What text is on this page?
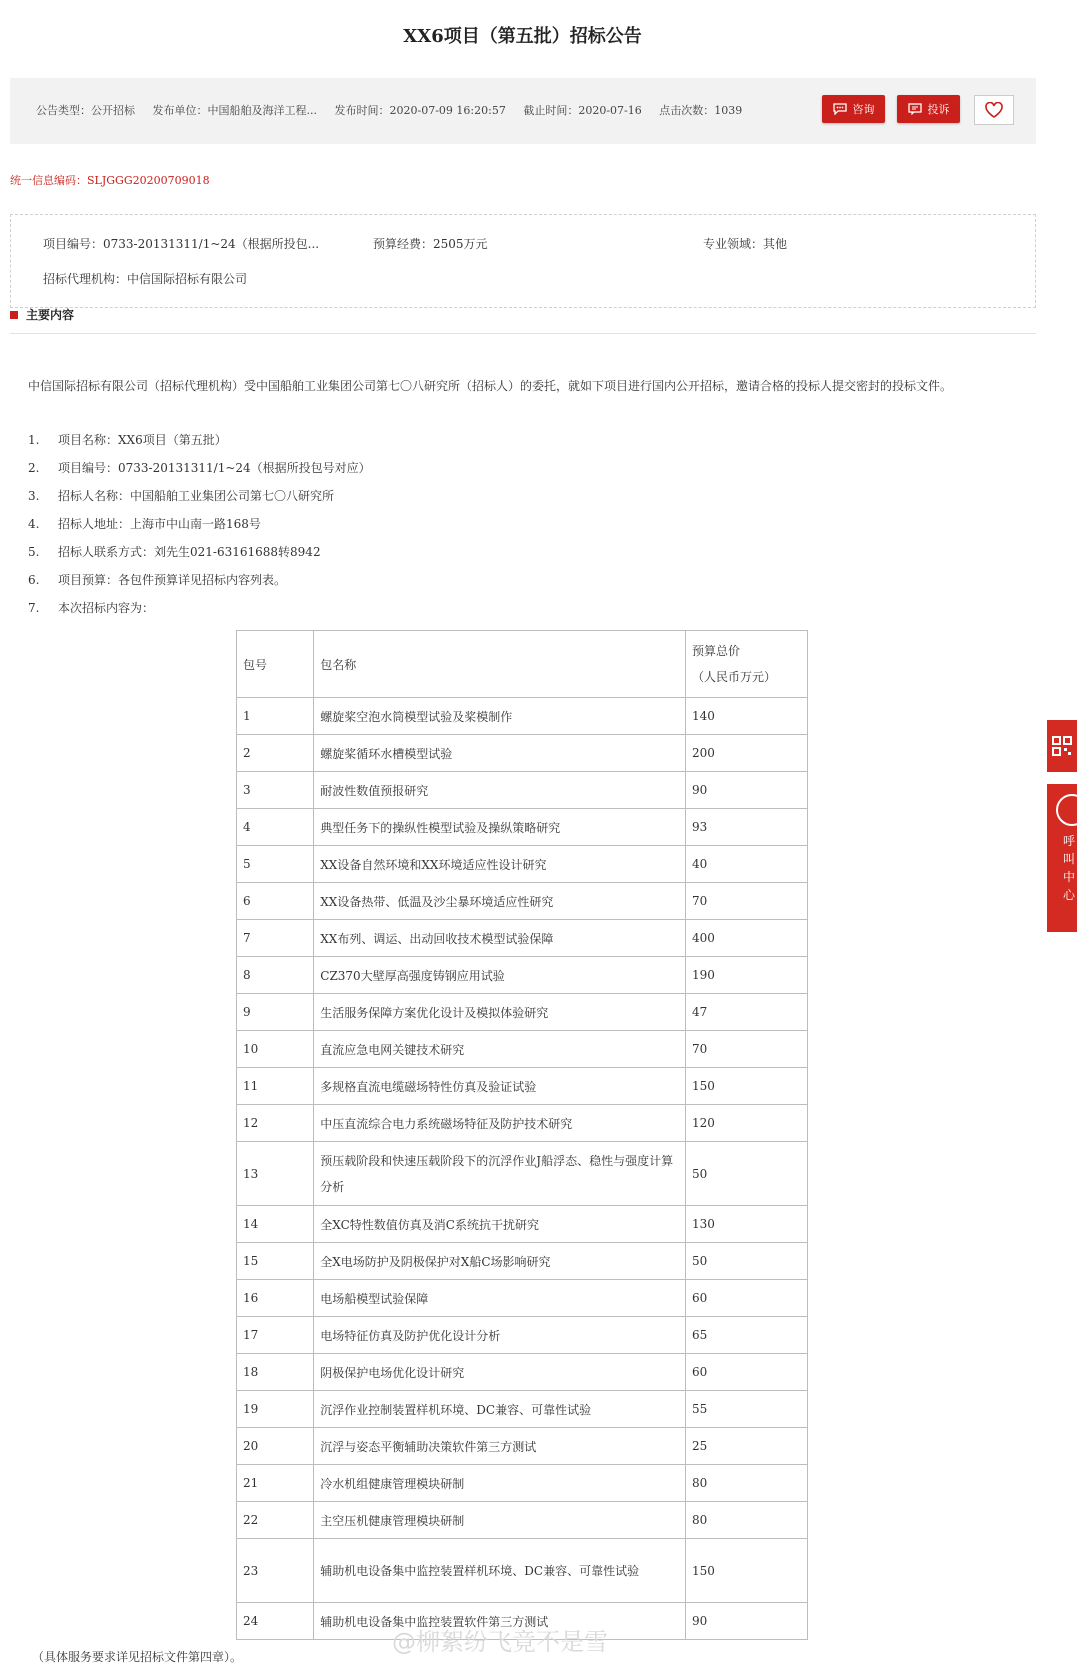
XX6项目（第五批）招标公告
公告类型：公开招标 发布单位：中国船舶及海洋工程... 发布时间：2020-07-09 16:20:57 截止时间：2020-07-16 点击次数：1039	咨询	投诉
统一信息编码：SLJGGG20200709018
项目编号：0733-20131311/1~24（根据所投包...	预算经费：2505万元	专业领域：其他
招标代理机构：中信国际招标有限公司
主要内容
中信国际招标有限公司（招标代理机构）受中国船舶工业集团公司第七〇八研究所（招标人）的委托，就如下项目进行国内公开招标，邀请合格的投标人提交密封的投标文件。
1. 项目名称：XX6项目（第五批）
2. 项目编号：0733-20131311/1~24（根据所投包号对应）
3. 招标人名称：中国船舶工业集团公司第七〇八研究所
4. 招标人地址：上海市中山南一路168号
5. 招标人联系方式：刘先生021-63161688转8942
6. 项目预算：各包件预算详见招标内容列表。
7. 本次招标内容为：
包号	包名称	预算总价
（人民币万元）

1	螺旋桨空泡水筒模型试验及桨模制作	140
2	螺旋桨循环水槽模型试验	200
3	耐波性数值预报研究	90
4	典型任务下的操纵性模型试验及操纵策略研究	93
5	XX设备自然环境和XX环境适应性设计研究	40
6	XX设备热带、低温及沙尘暴环境适应性研究	70
7	XX布列、调运、出动回收技术模型试验保障	400
8	CZ370大壁厚高强度铸钢应用试验	190
9	生活服务保障方案优化设计及模拟体验研究	47
10	直流应急电网关键技术研究	70
11	多规格直流电缆磁场特性仿真及验证试验	150
12	中压直流综合电力系统磁场特征及防护技术研究	120
13	预压载阶段和快速压载阶段下的沉浮作业J船浮态、稳性与强度计算分析	50
14	全XC特性数值仿真及消C系统抗干扰研究	130
15	全X电场防护及阴极保护对X船C场影响研究	50
16	电场船模型试验保障	60
17	电场特征仿真及防护优化设计分析	65
18	阴极保护电场优化设计研究	60
19	沉浮作业控制装置样机环境、DC兼容、可靠性试验	55
20	沉浮与姿态平衡辅助决策软件第三方测试	25
21	冷水机组健康管理模块研制	80
22	主空压机健康管理模块研制	80
23	辅助机电设备集中监控装置样机环境、DC兼容、可靠性试验	150
24	辅助机电设备集中监控装置软件第三方测试	90
@柳絮纷飞竟不是雪
（具体服务要求详见招标文件第四章）。
呼叫中心
